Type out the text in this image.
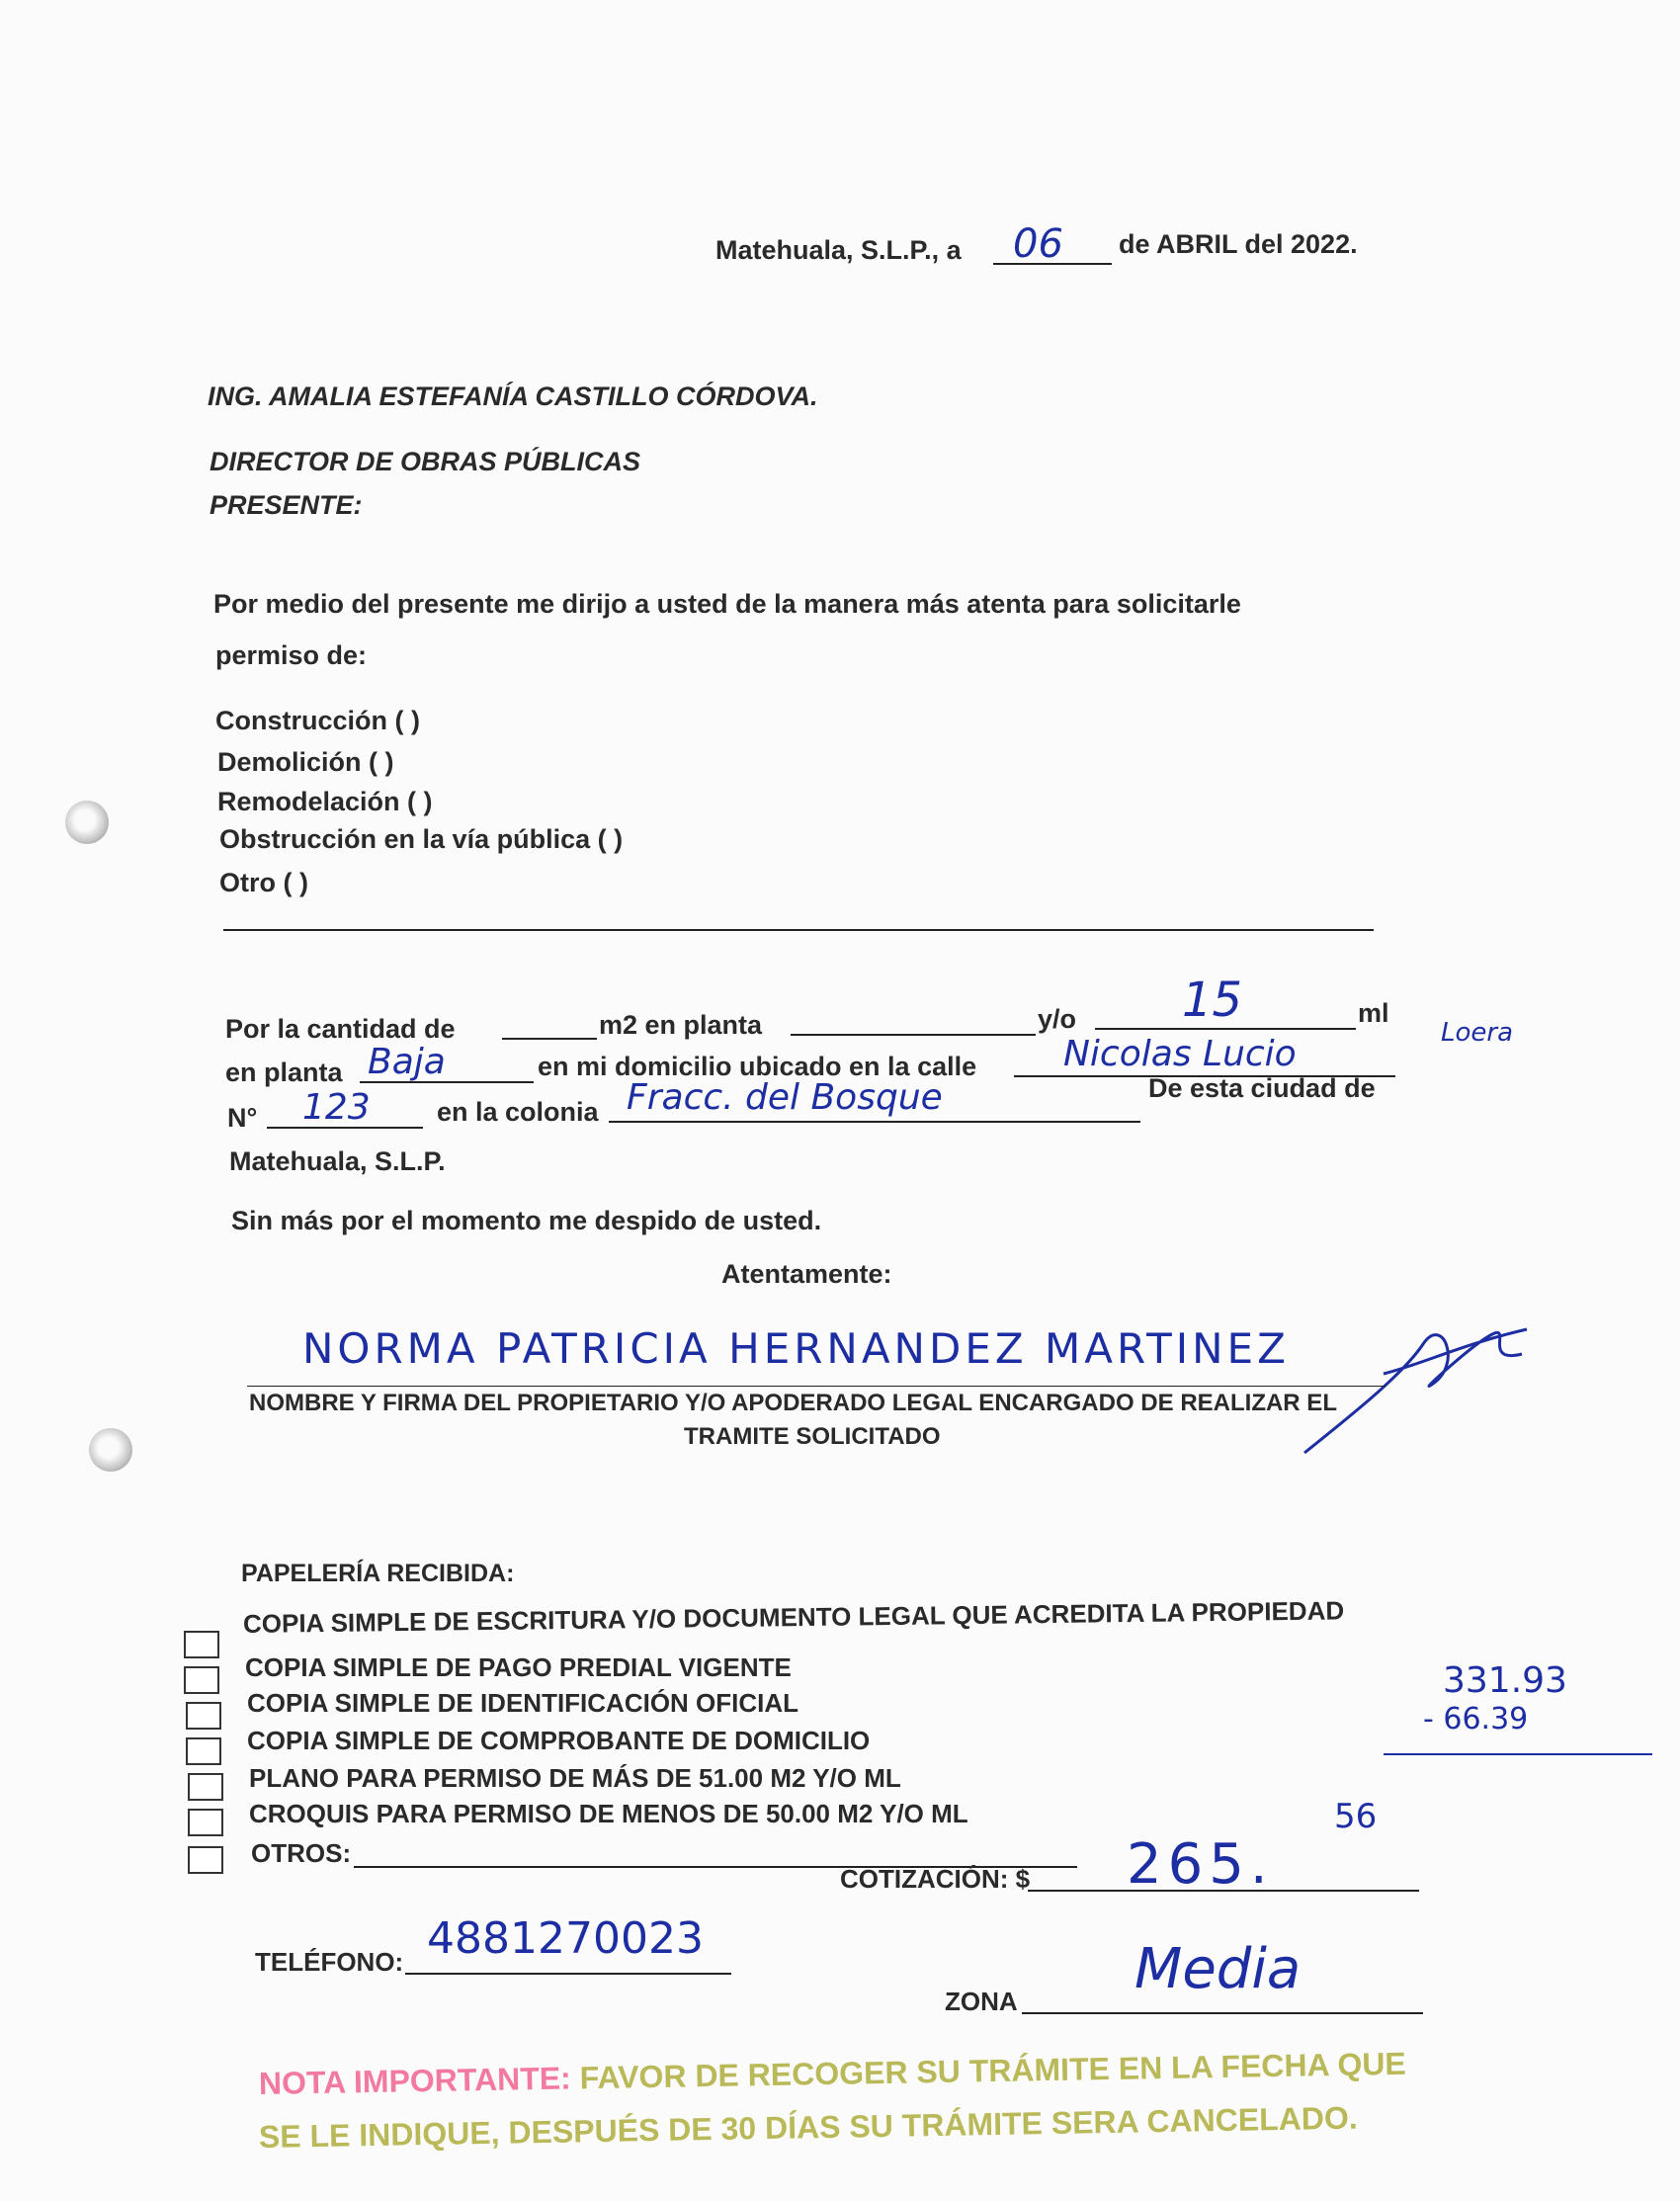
Matehuala, S.L.P., a 06 de ABRIL del 2022.
ING. AMALIA ESTEFANÍA CASTILLO CÓRDOVA.
DIRECTOR DE OBRAS PÚBLICAS
PRESENTE:
Por medio del presente me dirijo a usted de la manera más atenta para solicitarle
permiso de:
Construcción ( )
Demolición ( )
Remodelación ( )
Obstrucción en la vía pública ( )
Otro ( )
Por la cantidad de	m2 en planta	y/o 15	ml
en planta Baja	en mi domicilio ubicado en la calle Nicolas Lucio
Loera
N° 123 en la colonia Fracc. del Bosque	De esta ciudad de
Matehuala, S.L.P.
Sin más por el momento me despido de usted.
Atentamente:
NORMA PATRICIA HERNANDEZ MARTINEZ
NOMBRE Y FIRMA DEL PROPIETARIO Y/O APODERADO LEGAL ENCARGADO DE REALIZAR EL
TRAMITE SOLICITADO
PAPELERÍA RECIBIDA:
COPIA SIMPLE DE ESCRITURA Y/O DOCUMENTO LEGAL QUE ACREDITA LA PROPIEDAD
COPIA SIMPLE DE PAGO PREDIAL VIGENTE
COPIA SIMPLE DE IDENTIFICACIÓN OFICIAL
COPIA SIMPLE DE COMPROBANTE DE DOMICILIO
PLANO PARA PERMISO DE MÁS DE 51.00 M2 Y/O ML
CROQUIS PARA PERMISO DE MENOS DE 50.00 M2 Y/O ML
OTROS:
331.93
- 66.39
COTIZACIÓN: $ 265.
56
TELÉFONO: 4881270023
ZONA Media
NOTA IMPORTANTE: FAVOR DE RECOGER SU TRÁMITE EN LA FECHA QUE
SE LE INDIQUE, DESPUÉS DE 30 DÍAS SU TRÁMITE SERA CANCELADO.
